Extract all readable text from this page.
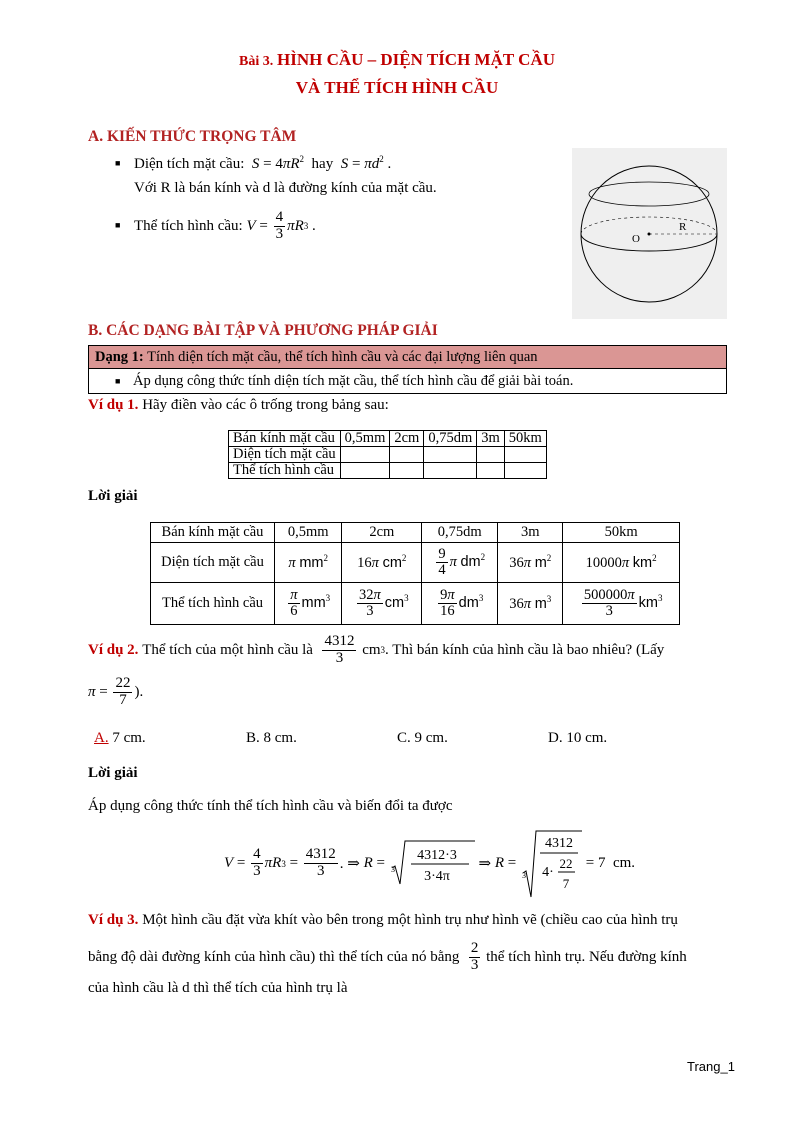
Bài 3. HÌNH CẦU – DIỆN TÍCH MẶT CẦU
VÀ THỂ TÍCH HÌNH CẦU
A. KIẾN THỨC TRỌNG TÂM
■ Diện tích mặt cầu: $S = 4\pi R^2$ hay $S = \pi d^2$ .
Với R là bán kính và d là đường kính của mặt cầu.
■ Thể tích hình cầu:
$V = \frac{4}{3}$ πR 3 .
O
R
B. CÁC DẠNG BÀI TẬP VÀ PHƯƠNG PHÁP GIẢI
Dạng 1: Tính diện tích mặt cầu, thể tích hình cầu và các đại lượng liên quan
■ Áp dụng công thức tính diện tích mặt cầu, thể tích hình cầu để giải bài toán.
Ví dụ 1. Hãy điền vào các ô trống trong bảng sau:
Bán kính mặt cầu	0,5mm	2cm	0,75dm	3m	50km
Diện tích mặt cầu					
Thể tích hình cầu					
Lời giải
Bán kính mặt cầu	0,5mm	2cm	0,75dm	3m	50km
Diện tích mặt cầu	π $mm^2$	16π $cm^2$	$\frac{9}{4}$ π $dm^2$	36π $m^2$	10000π $km^2$
Thể tích hình cầu	$\frac{\pi}{6} mm^3$	$\frac{32\pi}{3} cm^3$	$\frac{9\pi}{16} dm^3$	36π $m^3$	$\frac{500000\pi}{3} km^3$
Ví dụ 2.
Thể tích của một hình cầu là
$\frac{4312}{3}$ cm 3 . Thì bán kính của hình cầu là bao nhiêu? (Lấy
$\pi = \frac{22}{7}$ ).
A. 7 cm.	B. 8 cm.	C. 9 cm.	D. 10 cm.
Lời giải
Áp dụng công thức tính thể tích hình cầu và biến đổi ta được
$V = \frac{4}{3}$ πR $3 = \frac{4312}{3}$ . ⇒ R = 3
4312·3
3·4π
⇒ R =
3
4312
4·
22
7
= 7  cm.
Ví dụ 3. Một hình cầu đặt vừa khít vào bên trong một hình trụ như hình vẽ (chiều cao của hình trụ
bằng độ dài đường kính của hình cầu) thì thể tích của nó bằng
$\frac{2}{3}$
thể tích hình trụ. Nếu đường kính
của hình cầu là d thì thể tích của hình trụ là
Trang_1
